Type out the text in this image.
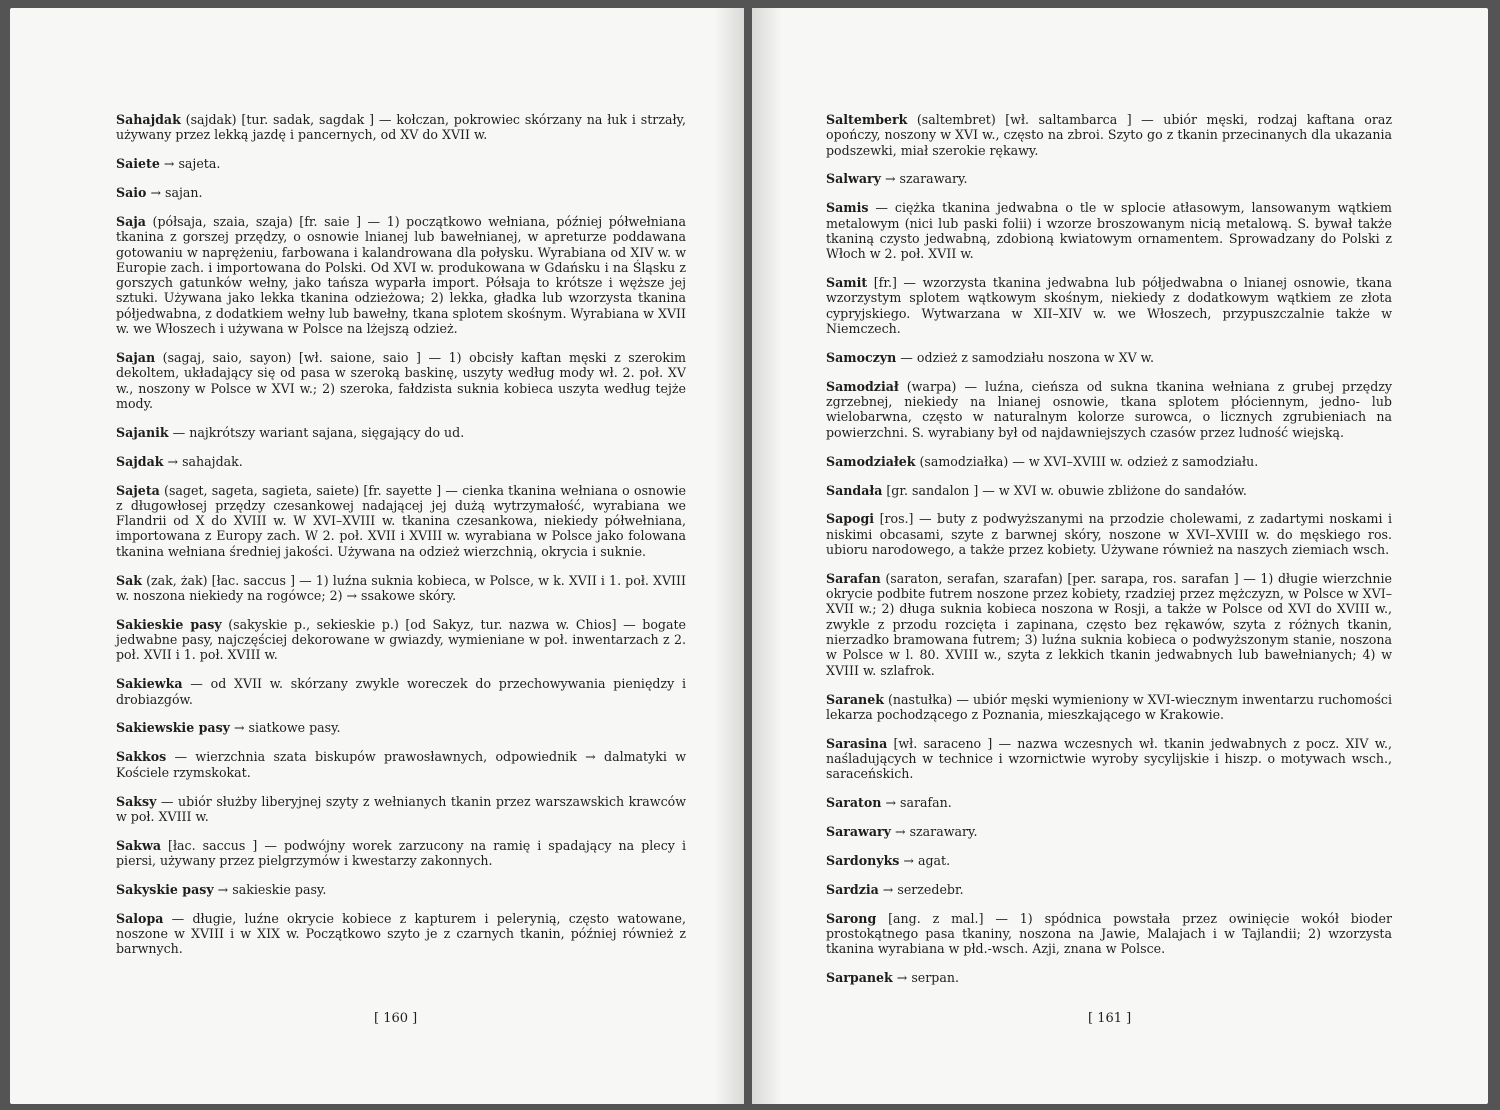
Sahajdak (sajdak) [tur. sadak, sagdak ] — kołczan, pokrowiec skórzany na łuk i strzały, używany przez lekką jazdę i pancernych, od XV do XVII w.

Saiete → sajeta.

Saio → sajan.

Saja (półsaja, szaia, szaja) [fr. saie ] — 1) początkowo wełniana, później półwełniana tkanina z gorszej przędzy, o osnowie lnianej lub bawełnianej, w apreturze poddawana gotowaniu w naprężeniu, farbowana i kalandrowana dla połysku. Wyrabiana od XIV w. w Europie zach. i importowana do Polski. Od XVI w. produkowana w Gdańsku i na Śląsku z gorszych gatunków wełny, jako tańsza wyparła import. Półsaja to krótsze i węższe jej sztuki. Używana jako lekka tkanina odzieżowa; 2) lekka, gładka lub wzorzysta tkanina półjedwabna, z dodatkiem wełny lub bawełny, tkana splotem skośnym. Wyrabiana w XVII w. we Włoszech i używana w Polsce na lżejszą odzież.

Sajan (sagaj, saio, sayon) [wł. saione, saio ] — 1) obcisły kaftan męski z szerokim dekoltem, układający się od pasa w szeroką baskinę, uszyty według mody wł. 2. poł. XV w., noszony w Polsce w XVI w.; 2) szeroka, fałdzista suknia kobieca uszyta według tejże mody.

Sajanik — najkrótszy wariant sajana, sięgający do ud.

Sajdak → sahajdak.

Sajeta (saget, sageta, sagieta, saiete) [fr. sayette ] — cienka tkanina wełniana o osnowie z długowłosej przędzy czesankowej nadającej jej dużą wytrzymałość, wyrabiana we Flandrii od X do XVIII w. W XVI–XVIII w. tkanina czesankowa, niekiedy półwełniana, importowana z Europy zach. W 2. poł. XVII i XVIII w. wyrabiana w Polsce jako folowana tkanina wełniana średniej jakości. Używana na odzież wierzchnią, okrycia i suknie.

Sak (zak, żak) [łac. saccus ] — 1) luźna suknia kobieca, w Polsce, w k. XVII i 1. poł. XVIII w. noszona niekiedy na rogówce; 2) → ssakowe skóry.

Sakieskie pasy (sakyskie p., sekieskie p.) [od Sakyz, tur. nazwa w. Chios] — bogate jedwabne pasy, najczęściej dekorowane w gwiazdy, wymieniane w poł. inwentarzach z 2. poł. XVII i 1. poł. XVIII w.

Sakiewka — od XVII w. skórzany zwykle woreczek do przechowywania pieniędzy i drobiazgów.

Sakiewskie pasy → siatkowe pasy.

Sakkos — wierzchnia szata biskupów prawosławnych, odpowiednik → dalmatyki w Kościele rzymskokat.

Saksy — ubiór służby liberyjnej szyty z wełnianych tkanin przez warszawskich krawców w poł. XVIII w.

Sakwa [łac. saccus ] — podwójny worek zarzucony na ramię i spadający na plecy i piersi, używany przez pielgrzymów i kwestarzy zakonnych.

Sakyskie pasy → sakieskie pasy.

Salopa — długie, luźne okrycie kobiece z kapturem i pelerynią, często watowane, noszone w XVIII i w XIX w. Początkowo szyto je z czarnych tkanin, później również z barwnych.

[ 160 ]

Saltemberk (saltembret) [wł. saltambarca ] — ubiór męski, rodzaj kaftana oraz opończy, noszony w XVI w., często na zbroi. Szyto go z tkanin przecinanych dla ukazania podszewki, miał szerokie rękawy.

Salwary → szarawary.

Samis — ciężka tkanina jedwabna o tle w splocie atłasowym, lansowanym wątkiem metalowym (nici lub paski folii) i wzorze broszowanym nicią metalową. S. bywał także tkaniną czysto jedwabną, zdobioną kwiatowym ornamentem. Sprowadzany do Polski z Włoch w 2. poł. XVII w.

Samit [fr.] — wzorzysta tkanina jedwabna lub półjedwabna o lnianej osnowie, tkana wzorzystym splotem wątkowym skośnym, niekiedy z dodatkowym wątkiem ze złota cypryjskiego. Wytwarzana w XII–XIV w. we Włoszech, przypuszczalnie także w Niemczech.

Samoczyn — odzież z samodziału noszona w XV w.

Samodział (warpa) — luźna, cieńsza od sukna tkanina wełniana z grubej przędzy zgrzebnej, niekiedy na lnianej osnowie, tkana splotem płóciennym, jedno- lub wielobarwna, często w naturalnym kolorze surowca, o licznych zgrubieniach na powierzchni. S. wyrabiany był od najdawniejszych czasów przez ludność wiejską.

Samodziałek (samodziałka) — w XVI–XVIII w. odzież z samodziału.

Sandała [gr. sandalon ] — w XVI w. obuwie zbliżone do sandałów.

Sapogi [ros.] — buty z podwyższanymi na przodzie cholewami, z zadartymi noskami i niskimi obcasami, szyte z barwnej skóry, noszone w XVI–XVIII w. do męskiego ros. ubioru narodowego, a także przez kobiety. Używane również na naszych ziemiach wsch.

Sarafan (saraton, serafan, szarafan) [per. sarapa, ros. sarafan ] — 1) długie wierzchnie okrycie podbite futrem noszone przez kobiety, rzadziej przez mężczyzn, w Polsce w XVI–XVII w.; 2) długa suknia kobieca noszona w Rosji, a także w Polsce od XVI do XVIII w., zwykle z przodu rozcięta i zapinana, często bez rękawów, szyta z różnych tkanin, nierzadko bramowana futrem; 3) luźna suknia kobieca o podwyższonym stanie, noszona w Polsce w l. 80. XVIII w., szyta z lekkich tkanin jedwabnych lub bawełnianych; 4) w XVIII w. szlafrok.

Saranek (nastułka) — ubiór męski wymieniony w XVI-wiecznym inwentarzu ruchomości lekarza pochodzącego z Poznania, mieszkającego w Krakowie.

Sarasina [wł. saraceno ] — nazwa wczesnych wł. tkanin jedwabnych z pocz. XIV w., naśladujących w technice i wzornictwie wyroby sycylijskie i hiszp. o motywach wsch., saraceńskich.

Saraton → sarafan.

Sarawary → szarawary.

Sardonyks → agat.

Sardzia → serzedebr.

Sarong [ang. z mal.] — 1) spódnica powstała przez owinięcie wokół bioder prostokątnego pasa tkaniny, noszona na Jawie, Malajach i w Tajlandii; 2) wzorzysta tkanina wyrabiana w płd.-wsch. Azji, znana w Polsce.

Sarpanek → serpan.

[ 161 ]
